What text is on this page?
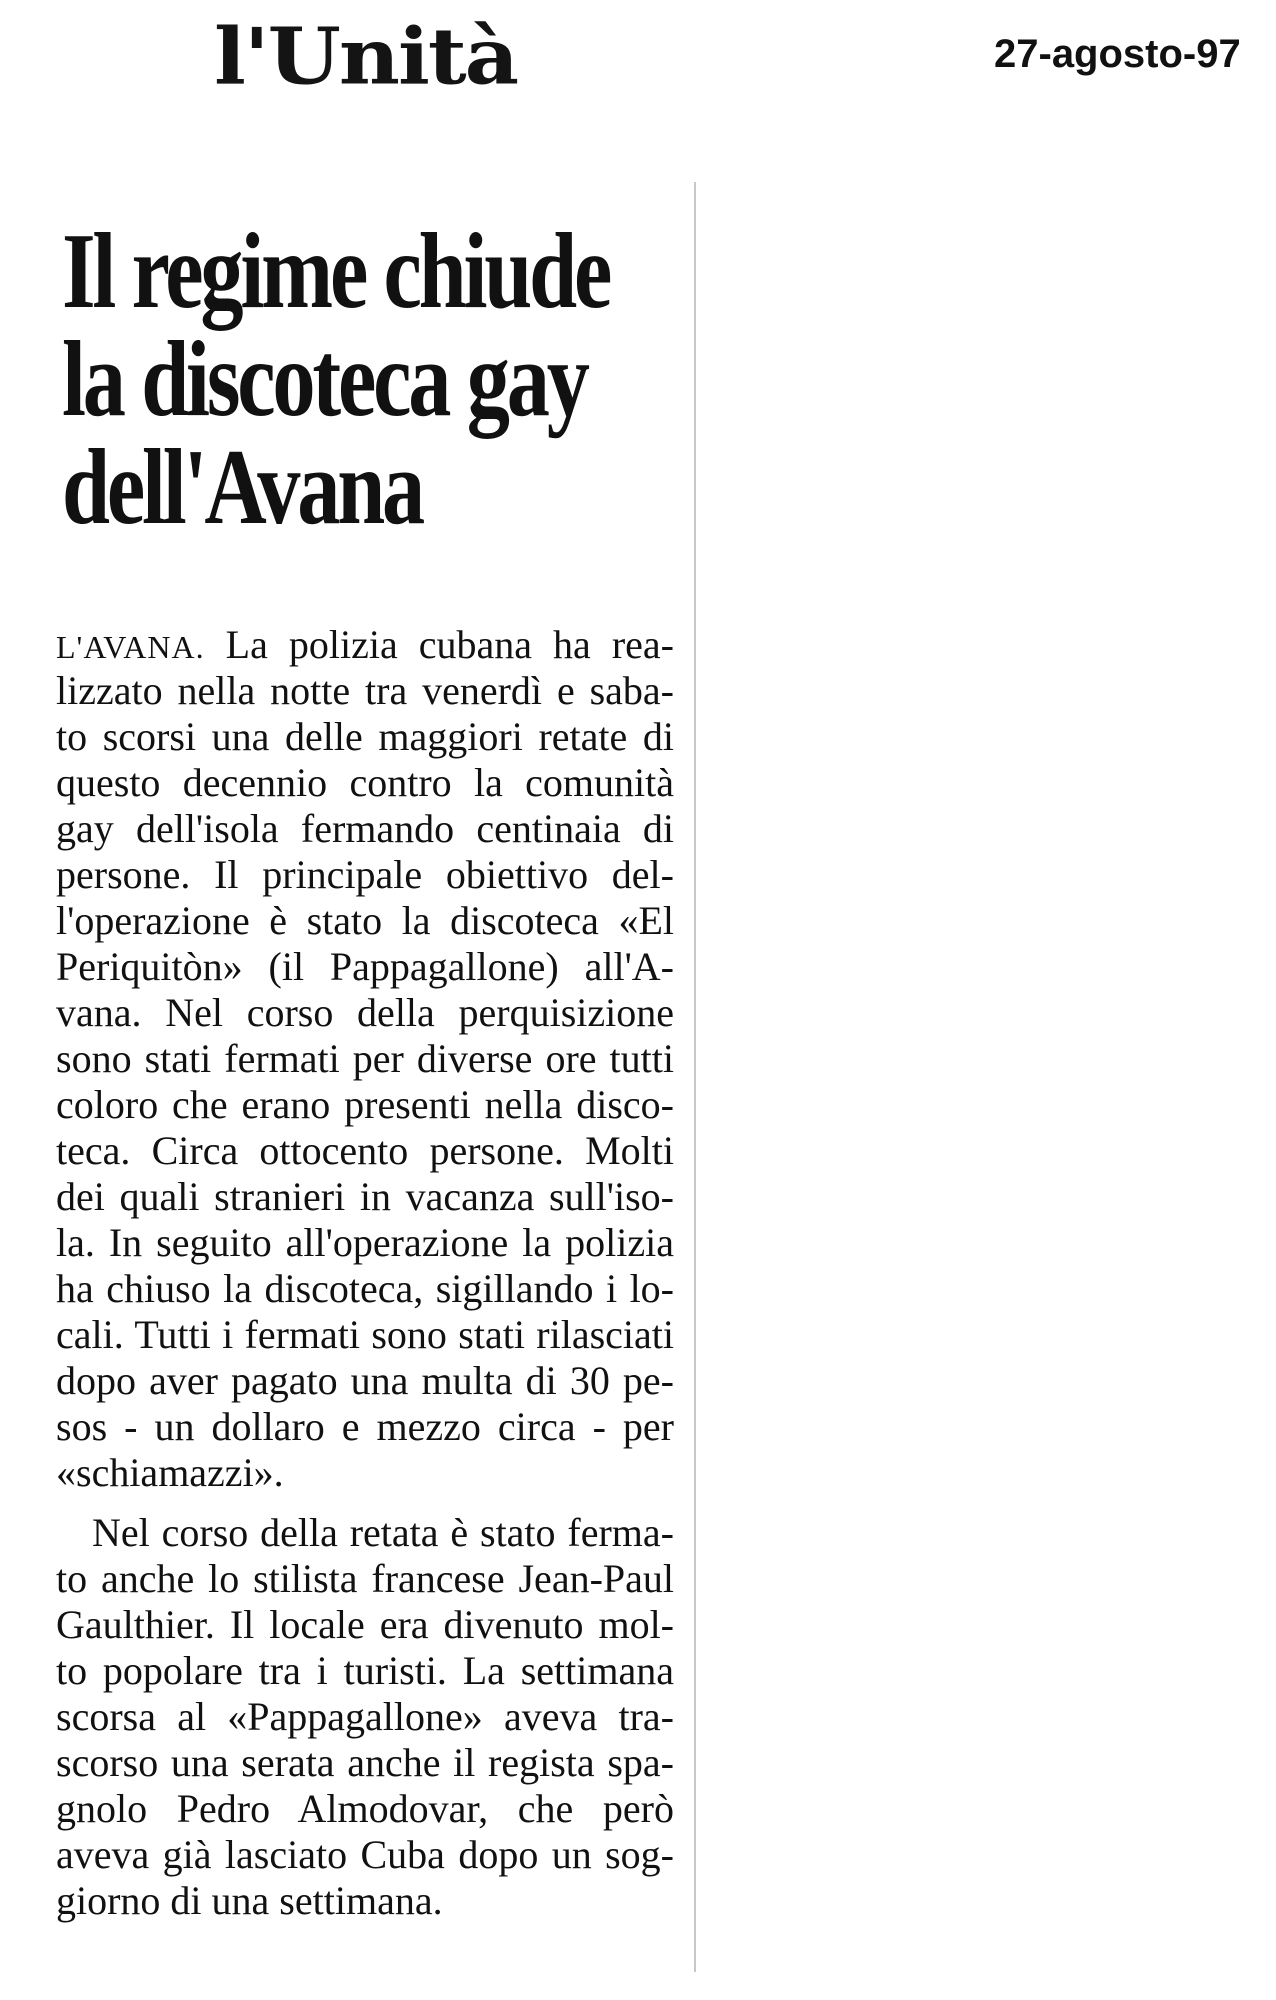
l'Unità	27-agosto-97
Il regime chiude
la discoteca gay
dell'Avana
L'AVANA. La polizia cubana ha rea-
lizzato nella notte tra venerdì e saba-
to scorsi una delle maggiori retate di
questo decennio contro la comunità
gay dell'isola fermando centinaia di
persone. Il principale obiettivo del-
l'operazione è stato la discoteca «El
Periquitòn» (il Pappagallone) all'A-
vana. Nel corso della perquisizione
sono stati fermati per diverse ore tutti
coloro che erano presenti nella disco-
teca. Circa ottocento persone. Molti
dei quali stranieri in vacanza sull'iso-
la. In seguito all'operazione la polizia
ha chiuso la discoteca, sigillando i lo-
cali. Tutti i fermati sono stati rilasciati
dopo aver pagato una multa di 30 pe-
sos - un dollaro e mezzo circa - per
«schiamazzi».
Nel corso della retata è stato ferma-
to anche lo stilista francese Jean-Paul
Gaulthier. Il locale era divenuto mol-
to popolare tra i turisti. La settimana
scorsa al «Pappagallone» aveva tra-
scorso una serata anche il regista spa-
gnolo Pedro Almodovar, che però
aveva già lasciato Cuba dopo un sog-
giorno di una settimana.
